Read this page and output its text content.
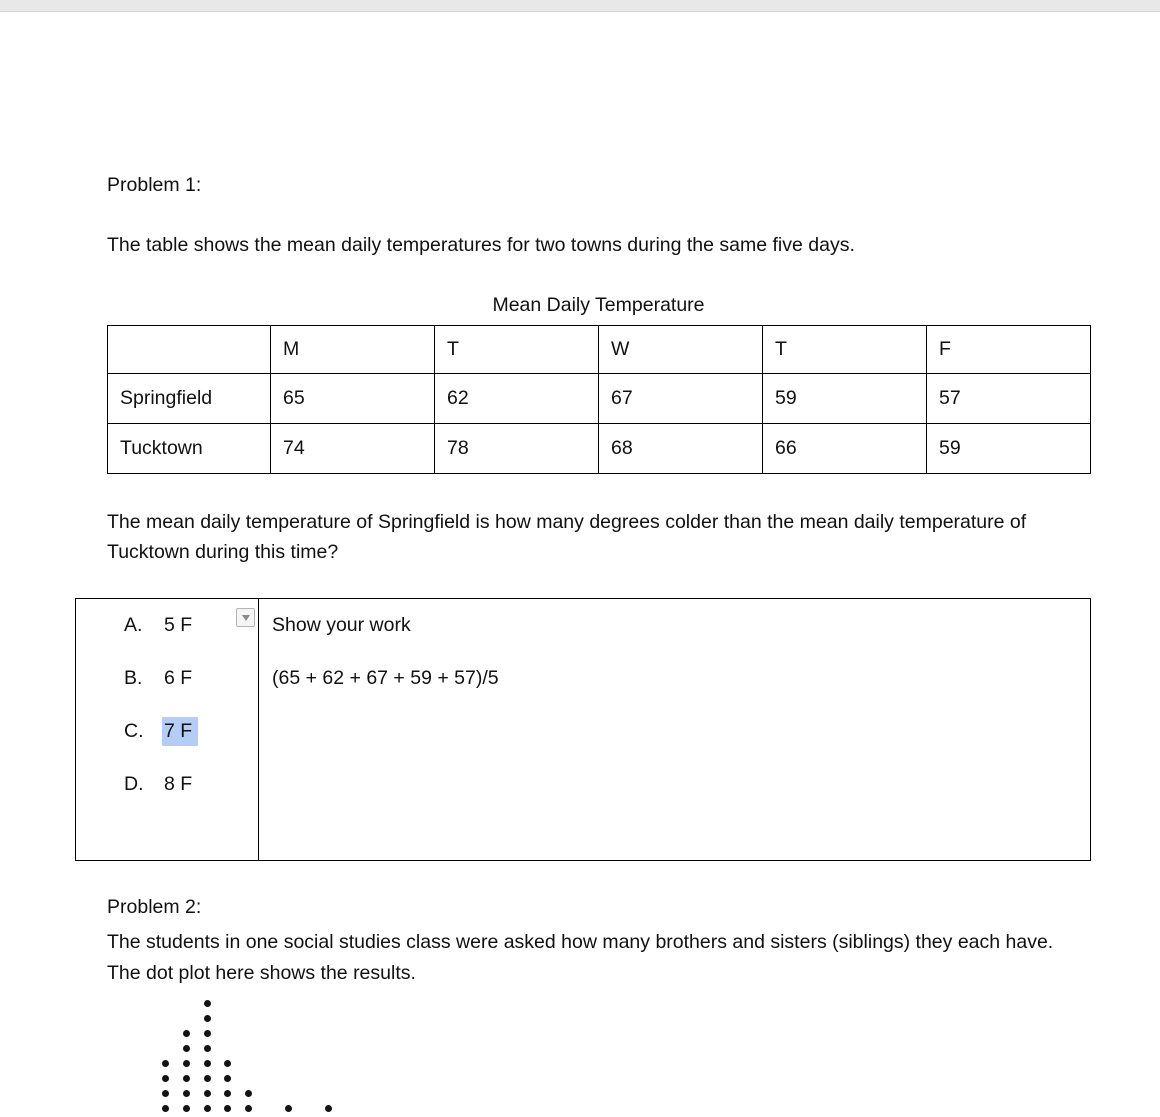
Problem 1:

The table shows the mean daily temperatures for two towns during the same five days.

Mean Daily Temperature
	M	T	W	T	F
Springfield	65	62	67	59	57
Tucktown	74	78	68	66	59

The mean daily temperature of Springfield is how many degrees colder than the mean daily temperature of Tucktown during this time?

A. 5 F
B. 6 F
C. 7 F
D. 8 F
Show your work
(65 + 62 + 67 + 59 + 57)/5
Problem 2:

The students in one social studies class were asked how many brothers and sisters (siblings) they each have. The dot plot here shows the results.
